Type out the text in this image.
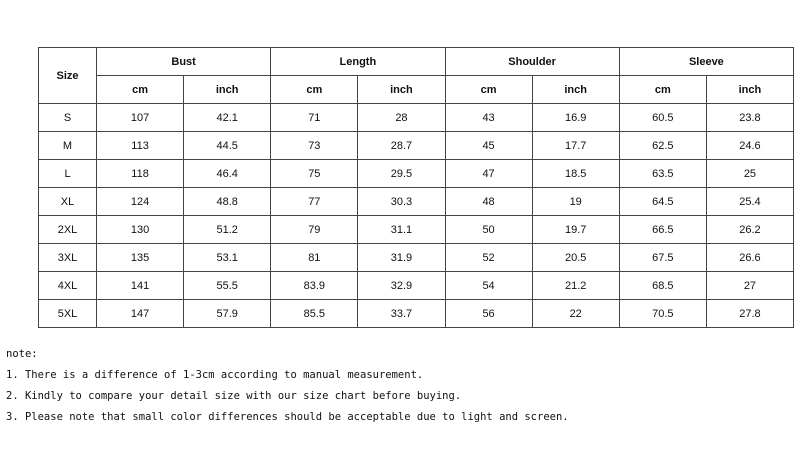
Size	Bust		Length		Shoulder		Sleeve	
	cm	inch	cm	inch	cm	inch	cm	inch
S	107	42.1	71	28	43	16.9	60.5	23.8
M	113	44.5	73	28.7	45	17.7	62.5	24.6
L	118	46.4	75	29.5	47	18.5	63.5	25
XL	124	48.8	77	30.3	48	19	64.5	25.4
2XL	130	51.2	79	31.1	50	19.7	66.5	26.2
3XL	135	53.1	81	31.9	52	20.5	67.5	26.6
4XL	141	55.5	83.9	32.9	54	21.2	68.5	27
5XL	147	57.9	85.5	33.7	56	22	70.5	27.8
note:
1. There is a difference of 1-3cm according to manual measurement.
2. Kindly to compare your detail size with our size chart before buying.
3. Please note that small color differences should be acceptable due to light and screen.
